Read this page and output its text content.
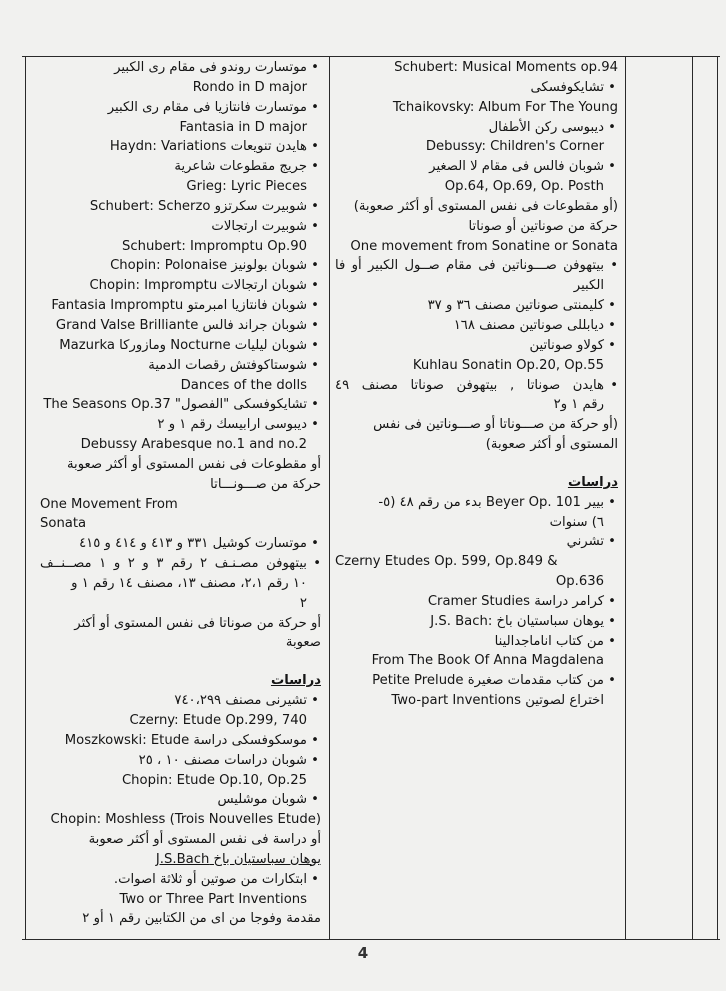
• موتسارت روندو فى مقام رى الكبير
Rondo in D major
• موتسارت فانتازيا فى مقام رى الكبير
Fantasia in D major
• هايدن تنويعات Haydn: Variations
• جريج مقطوعات شاعرية
Grieg: Lyric Pieces
• شوبيرت سكرتزو Schubert: Scherzo
• شوبيرت ارتجالات
Schubert: Impromptu Op.90
• شوبان بولونيز Chopin: Polonaise
• شوبان ارتجالات Chopin: Impromptu
• شوبان فانتازيا امبرمتو Fantasia Impromptu
• شوبان جراند فالس Grand Valse Brilliante
• شوبان ليليات Nocturne ومازوركا Mazurka
• شوستاكوفتش رقصات الدمية
Dances of the dolls
• تشايكوفسكى "الفصول" The Seasons Op.37
• ديبوسى ارابيسك رقم ١ و ٢
Debussy Arabesque no.1 and no.2
أو مقطوعات فى نفس المستوى أو أكثر صعوبة
حركة من صـــونـــاتا
One Movement From
Sonata
• موتسارت كوشيل ٣٣١ و ٤١٣ و ٤١٤ و ٤١٥
• بيتهوفن مصـنـف ٢ رقم ٣ و ٢ و ١ مصــنــف
١٠ رقم ٢،١، مصنف ١٣، مصنف ١٤ رقم ١ و
٢
أو حركة من صوناتا فى نفس المستوى أو أكثر
صعوبة
دراسات
• تشيرنى مصنف ٧٤٠،٢٩٩
Czerny: Etude Op.299, 740
• موسكوفسكى دراسة Moszkowski: Etude
• شوبان دراسات مصنف ١٠ ، ٢٥
Chopin: Etude Op.10, Op.25
• شوبان موشليس
Chopin: Moshless (Trois Nouvelles Etude)
أو دراسة فى نفس المستوى أو أكثر صعوبة
يوهان سباستيان باخ J.S.Bach
• ابتكارات من صوتين أو ثلاثة اصوات.
Two or Three Part Inventions
مقدمة وفوجا من اى من الكتابين رقم ١ أو ٢
Schubert: Musical Moments op.94
• تشايكوفسكى
Tchaikovsky: Album For The Young
• ديبوسى ركن الأطفال
Debussy: Children's Corner
• شوبان فالس فى مقام لا الصغير
Op.64, Op.69, Op. Posth
(أو مقطوعات فى نفس المستوى أو أكثر صعوبة)
حركة من صوناتين أو صوناتا
One movement from Sonatine or Sonata
• بيتهوفن صـــوناتين فى مقام صــول الكبير أو فا
الكبير
• كليمنتى صوناتين مصنف ٣٦ و ٣٧
• ديابللى صوناتين مصنف ١٦٨
• كولاو صوناتين
Kuhlau Sonatin Op.20, Op.55
• هايدن صوناتا , بيتهوفن صوناتا مصنف ٤٩
رقم ١ و٢
(أو حركة من صـــوناتا أو صـــوناتين فى نفس
المستوى أو أكثر صعوبة)
دراسات
• بيير Beyer Op. 101 بدء من رقم ٤٨ (٥-
٦) سنوات
• تشرني
Czerny Etudes Op. 599, Op.849 &
Op.636
• كرامر دراسة Cramer Studies
• يوهان سباستيان باخ :J.S. Bach
• من كتاب اناماجدالينا
From The Book Of Anna Magdalena
• من كتاب مقدمات صغيرة Petite Prelude
اختراع لصوتين Two-part Inventions
4
